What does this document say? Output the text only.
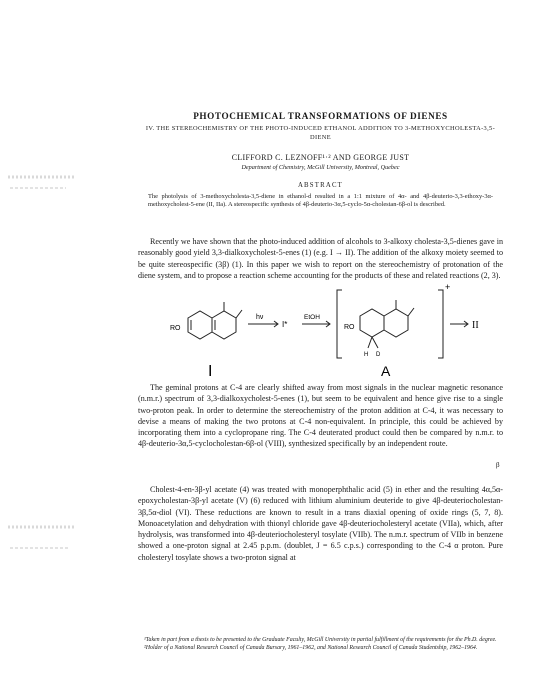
PHOTOCHEMICAL TRANSFORMATIONS OF DIENES
IV. THE STEREOCHEMISTRY OF THE PHOTO-INDUCED ETHANOL ADDITION TO 3-METHOXYCHOLESTA-3,5-DIENE
CLIFFORD C. LEZNOFF¹·² AND GEORGE JUST
Department of Chemistry, McGill University, Montreal, Quebec
ABSTRACT
The photolysis of 3-methoxycholesta-3,5-diene in ethanol-d resulted in a 1:1 mixture of 4α- and 4β-deuterio-3,3-ethoxy-3α-methoxycholest-5-ene (II, IIa). A stereospecific synthesis of 4β-deuterio-3α,5-cyclo-5α-cholestan-6β-ol is described.

Recently we have shown that the photo-induced addition of alcohols to 3-alkoxy cholesta-3,5-dienes gave in reasonably good yield 3,3-dialkoxycholest-5-enes (1) (e.g. I → II). The addition of the alkoxy moiety seemed to be quite stereospecific (3β) (1). In this paper we wish to report on the stereochemistry of protonation of the diene system, and to propose a reaction scheme accounting for the products of these and related reactions (2, 3).

RO
hν
I*
EtOH
RO
H D
+
II
I	A

The geminal protons at C-4 are clearly shifted away from most signals in the nuclear magnetic resonance (n.m.r.) spectrum of 3,3-dialkoxycholest-5-enes (1), but seem to be equivalent and hence give rise to a single two-proton peak. In order to determine the stereochemistry of the proton addition at C-4, it was necessary to devise a means of making the two protons at C-4 non-equivalent. In principle, this could be achieved by incorporating them into a cyclopropane ring. The C-4 deuterated product could then be compared by n.m.r. to 4β-deuterio-3α,5-cyclocholestan-6β-ol (VIII), synthesized specifically by an independent route.

β

Cholest-4-en-3β-yl acetate (4) was treated with monoperphthalic acid (5) in ether and the resulting 4α,5α-epoxycholestan-3β-yl acetate (V) (6) reduced with lithium aluminium deuteride to give 4β-deuteriocholestan-3β,5α-diol (VI). These reductions are known to result in a trans diaxial opening of oxide rings (5, 7, 8). Monoacetylation and dehydration with thionyl chloride gave 4β-deuteriocholesteryl acetate (VIIa), which, after hydrolysis, was transformed into 4β-deuteriocholesteryl tosylate (VIIb). The n.m.r. spectrum of VIIb in benzene showed a one-proton signal at 2.45 p.p.m. (doublet, J = 6.5 c.p.s.) corresponding to the C-4 α proton. Pure cholesteryl tosylate shows a two-proton signal at

¹Taken in part from a thesis to be presented to the Graduate Faculty, McGill University in partial fulfillment of the requirements for the Ph.D. degree.
²Holder of a National Research Council of Canada Bursary, 1961–1962, and National Research Council of Canada Studentship, 1962–1964.
